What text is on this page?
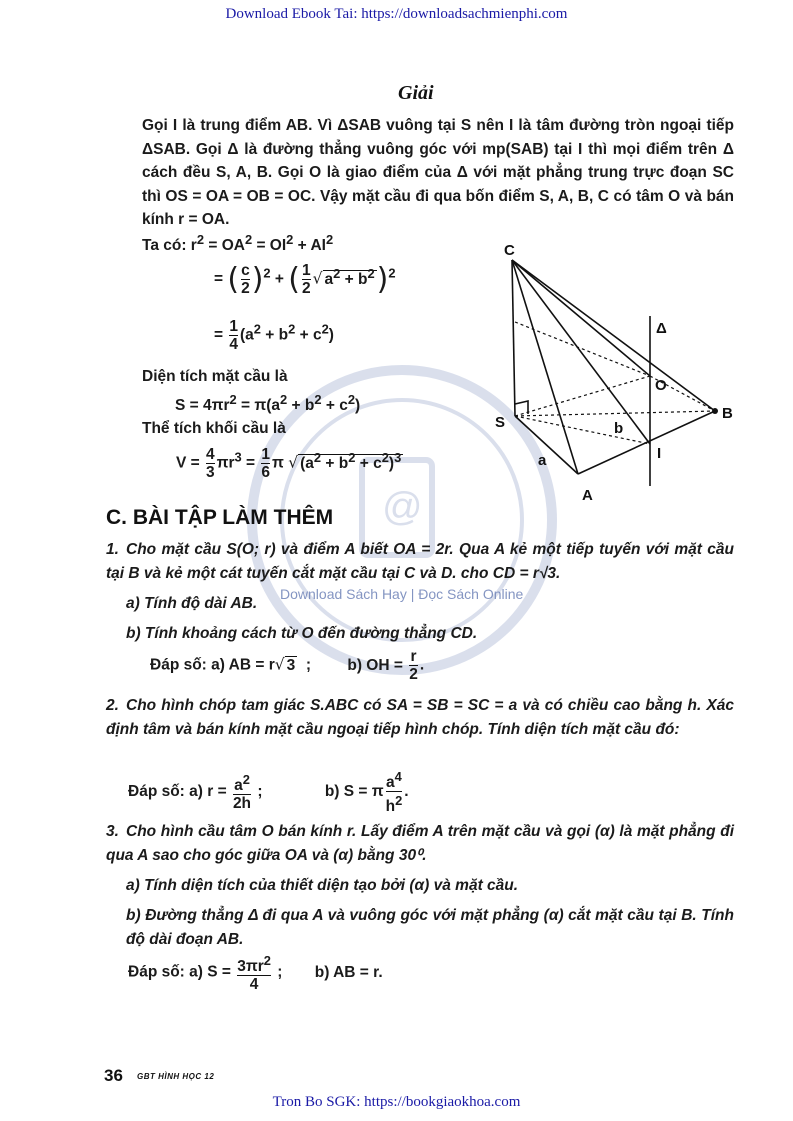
Download Ebook Tai: https://downloadsachmienphi.com
@
Download Sách Hay | Đọc Sách Online
Giải
Gọi I là trung điểm AB. Vì ΔSAB vuông tại S nên I là tâm đường tròn ngoại tiếp ΔSAB. Gọi Δ là đường thẳng vuông góc với mp(SAB) tại I thì mọi điểm trên Δ cách đều S, A, B. Gọi O là giao điểm của Δ với mặt phẳng trung trực đoạn SC thì OS = OA = OB = OC. Vậy mặt cầu đi qua bốn điểm S, A, B, C có tâm O và bán kính r = OA.
Ta có: $r^2 = OA^2 = OI^2 + AI^2$
= ( $\frac{c}{2} )^2$ + ( $\frac{1}{2}$ √ $a^2 + b^2)^2$
= $\frac{1}{4} (a^2 + b^2 + c^2)$
Diện tích mặt cầu là
$S = 4\pi r^2 = \pi(a^2 + b^2 + c^2)$
Thể tích khối cầu là
$V = \frac{4}{3} \pi r^3 = \frac{1}{6}$ π √ $(a^2 + b^2 + c^2)^3$
C
S
A
B
O
I
a
b
Δ
C. BÀI TẬP LÀM THÊM
1. Cho mặt cầu S(O; r) và điểm A biết OA = 2r. Qua A kẻ một tiếp tuyến với mặt cầu tại B và kẻ một cát tuyến cắt mặt cầu tại C và D. cho CD = r√3.
a) Tính độ dài AB.
b) Tính khoảng cách từ O đến đường thẳng CD.
Đáp số: a) AB = r√ 3  ; b) OH = $\frac{r}{2}$ .
2. Cho hình chóp tam giác S.ABC có SA = SB = SC = a và có chiều cao bằng h. Xác định tâm và bán kính mặt cầu ngoại tiếp hình chóp. Tính diện tích mặt cầu đó:
Đáp số: a) $r = \frac{a^2}{2h}$ ;	b) S = π $\frac{a^4}{h^2}$ .
3. Cho hình cầu tâm O bán kính r. Lấy điểm A trên mặt cầu và gọi (α) là mặt phẳng đi qua A sao cho góc giữa OA và (α) bằng 30⁰.
a) Tính diện tích của thiết diện tạo bởi (α) và mặt cầu.
b) Đường thẳng Δ đi qua A và vuông góc với mặt phẳng (α) cắt mặt cầu tại B. Tính độ dài đoạn AB.
Đáp số: a) $S = \frac{3\pi r^2}{4}$ ; b) AB = r.
36 GBT HÌNH HỌC 12
Tron Bo SGK: https://bookgiaokhoa.com
